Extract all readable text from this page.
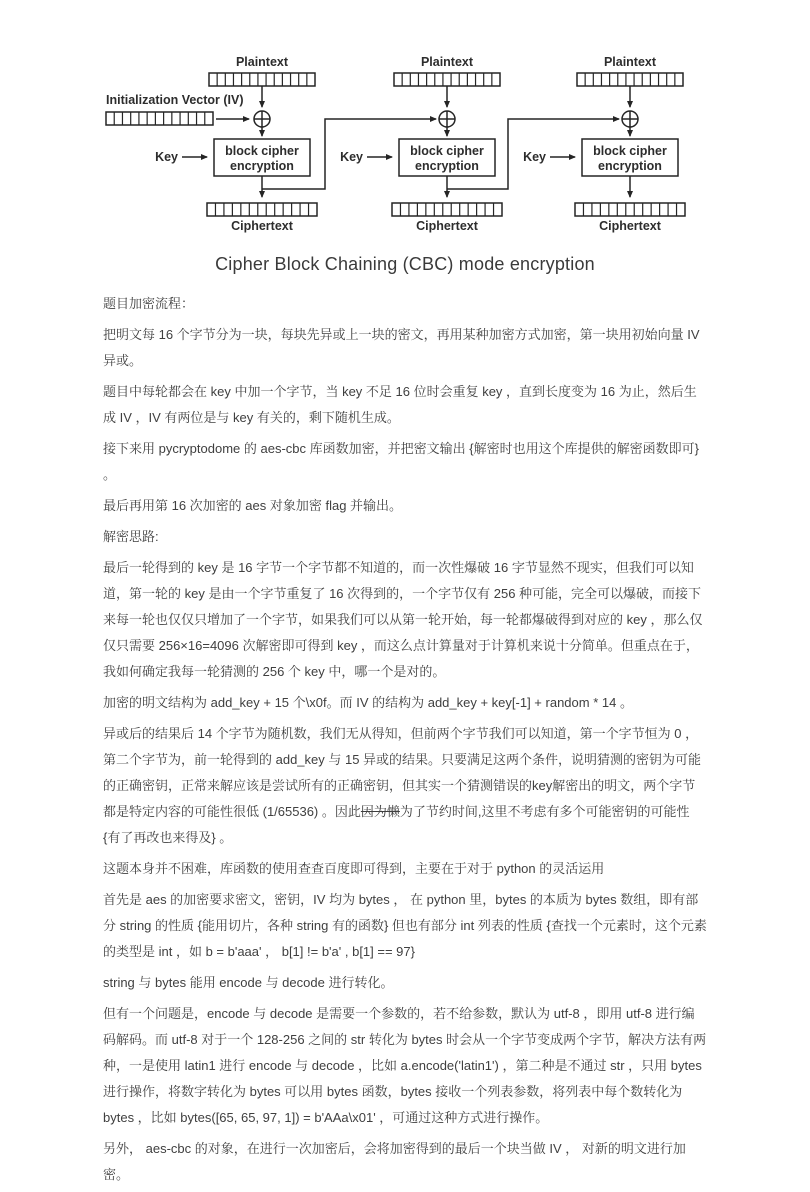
Plaintext
block cipher
encryption
Key
Ciphertext
Initialization Vector (IV)
Plaintext
block cipher
encryption
Key
Ciphertext
Plaintext
block cipher
encryption
Key
Ciphertext
Cipher Block Chaining (CBC) mode encryption

题目加密流程：

把明文每 16 个字节分为一块，每块先异或上一块的密文，再用某种加密方式加密，第一块用初始向量 IV 异或。

题目中每轮都会在 key 中加一个字节，当 key 不足 16 位时会重复 key ，直到长度变为 16 为止，然后生成 IV ，IV 有两位是与 key 有关的，剩下随机生成。

接下来用 pycryptodome 的 aes-cbc 库函数加密，并把密文输出 {解密时也用这个库提供的解密函数即可} 。

最后再用第 16 次加密的 aes 对象加密 flag 并输出。

解密思路:

最后一轮得到的 key 是 16 字节一个字节都不知道的，而一次性爆破 16 字节显然不现实，但我们可以知道，第一轮的 key 是由一个字节重复了 16 次得到的，一个字节仅有 256 种可能，完全可以爆破，而接下来每一轮也仅仅只增加了一个字节，如果我们可以从第一轮开始，每一轮都爆破得到对应的 key ，那么仅仅只需要 256×16=4096 次解密即可得到 key ，而这么点计算量对于计算机来说十分简单。但重点在于，我如何确定我每一轮猜测的 256 个 key 中，哪一个是对的。

加密的明文结构为 add_key + 15 个\x0f。而 IV 的结构为 add_key + key[-1] + random * 14 。

异或后的结果后 14 个字节为随机数，我们无从得知，但前两个字节我们可以知道，第一个字节恒为 0 ，第二个字节为，前一轮得到的 add_key 与 15 异或的结果。只要满足这两个条件，说明猜测的密钥为可能的正确密钥，正常来解应该是尝试所有的正确密钥，但其实一个猜测错误的key解密出的明文，两个字节都是特定内容的可能性很低 (1/65536) 。因此因为懒为了节约时间,这里不考虑有多个可能密钥的可能性 {有了再改也来得及} 。

这题本身并不困难，库函数的使用查查百度即可得到，主要在于对于 python 的灵活运用

首先是 aes 的加密要求密文，密钥，IV 均为 bytes ， 在 python 里，bytes 的本质为 bytes 数组，即有部分 string 的性质 {能用切片，各种 string 有的函数} 但也有部分 int 列表的性质 {查找一个元素时，这个元素的类型是 int ，如 b = b'aaa' ， b[1] != b'a' , b[1] == 97}

string 与 bytes 能用 encode 与 decode 进行转化。

但有一个问题是，encode 与 decode 是需要一个参数的，若不给参数，默认为 utf-8 ，即用 utf-8 进行编码解码。而 utf-8 对于一个 128-256 之间的 str 转化为 bytes 时会从一个字节变成两个字节，解决方法有两种，一是使用 latin1 进行 encode 与 decode ，比如 a.encode('latin1') ，第二种是不通过 str ，只用 bytes 进行操作，将数字转化为 bytes 可以用 bytes 函数，bytes 接收一个列表参数，将列表中每个数转化为 bytes ，比如 bytes([65, 65, 97, 1]) = b'AAa\x01' ，可通过这种方式进行操作。

另外， aes-cbc 的对象，在进行一次加密后，会将加密得到的最后一个块当做 IV ， 对新的明文进行加密。
